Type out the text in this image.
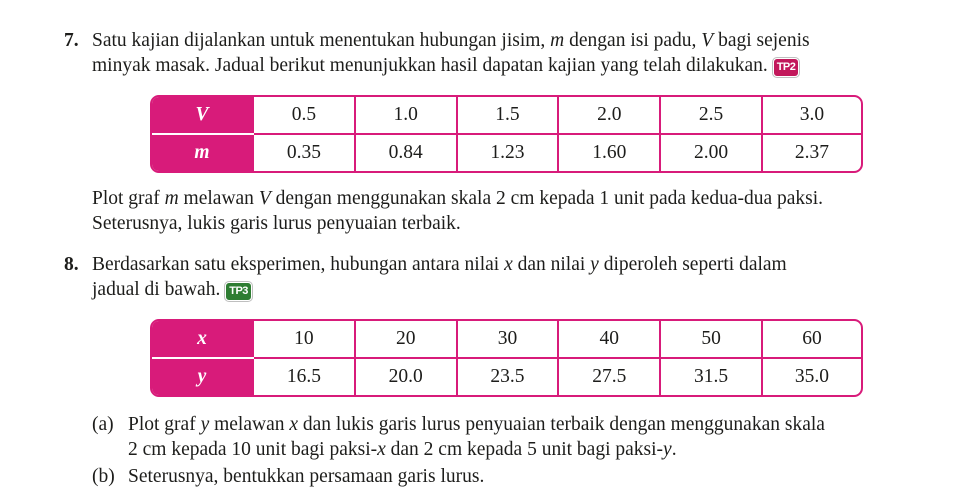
7. Satu kajian dijalankan untuk menentukan hubungan jisim, m dengan isi padu, V bagi sejenis
minyak masak. Jadual berikut menunjukkan hasil dapatan kajian yang telah dilakukan. TP2
V	0.5	1.0	1.5	2.0	2.5	3.0
m	0.35	0.84	1.23	1.60	2.00	2.37
Plot graf m melawan V dengan menggunakan skala 2 cm kepada 1 unit pada kedua-dua paksi.
Seterusnya, lukis garis lurus penyuaian terbaik.
8. Berdasarkan satu eksperimen, hubungan antara nilai x dan nilai y diperoleh seperti dalam
jadual di bawah. TP3
x	10	20	30	40	50	60
y	16.5	20.0	23.5	27.5	31.5	35.0
(a) Plot graf y melawan x dan lukis garis lurus penyuaian terbaik dengan menggunakan skala
2 cm kepada 10 unit bagi paksi-x dan 2 cm kepada 5 unit bagi paksi-y.
(b) Seterusnya, bentukkan persamaan garis lurus.
